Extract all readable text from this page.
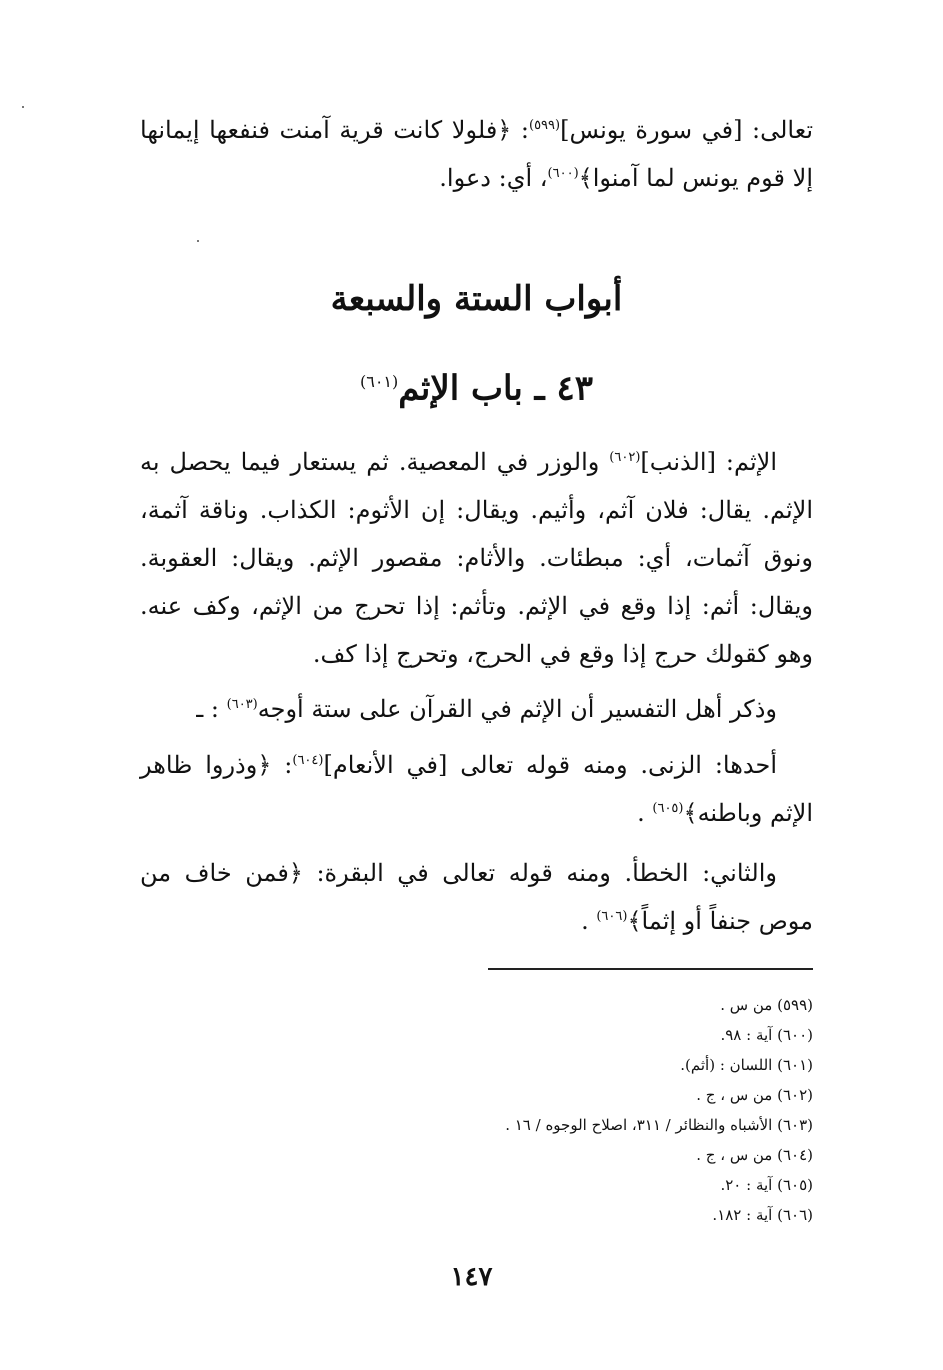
تعالى: [في سورة يونس]$^{(٥٩٩)}$: ﴿فلولا كانت قرية آمنت فنفعها إيمانها إلا قوم يونس لما آمنوا﴾$^{(٦٠٠)}$، أي: دعوا.

أبواب الستة والسبعة
٤٣ ـ باب الإثم$^{(٦٠١)}$

الإثم: [الذنب]$^{(٦٠٢)}$ والوزر في المعصية. ثم يستعار فيما يحصل به الإثم. يقال: فلان آثم، وأثيم. ويقال: إن الأثوم: الكذاب. وناقة آثمة، ونوق آثمات، أي: مبطئات. والأثام: مقصور الإثم. ويقال: العقوبة. ويقال: أثم: إذا وقع في الإثم. وتأثم: إذا تحرج من الإثم، وكف عنه. وهو كقولك حرج إذا وقع في الحرج، وتحرج إذا كف.

وذكر أهل التفسير أن الإثم في القرآن على ستة أوجه$^{(٦٠٣)}$ : ـ

أحدها: الزنى. ومنه قوله تعالى [في الأنعام]$^{(٦٠٤)}$: ﴿وذروا ظاهر الإثم وباطنه﴾$^{(٦٠٥)}$ .

والثاني: الخطأ. ومنه قوله تعالى في البقرة: ﴿فمن خاف من موص جنفاً أو إثماً﴾$^{(٦٠٦)}$ .

(٥٩٩) من س .
(٦٠٠) آية : ٩٨.
(٦٠١) اللسان : (أثم).
(٦٠٢) من س ، ج .
(٦٠٣) الأشباه والنظائر / ٣١١، اصلاح الوجوه / ١٦ .
(٦٠٤) من س ، ج .
(٦٠٥) آية : ٢٠.
(٦٠٦) آية : ١٨٢.
١٤٧
